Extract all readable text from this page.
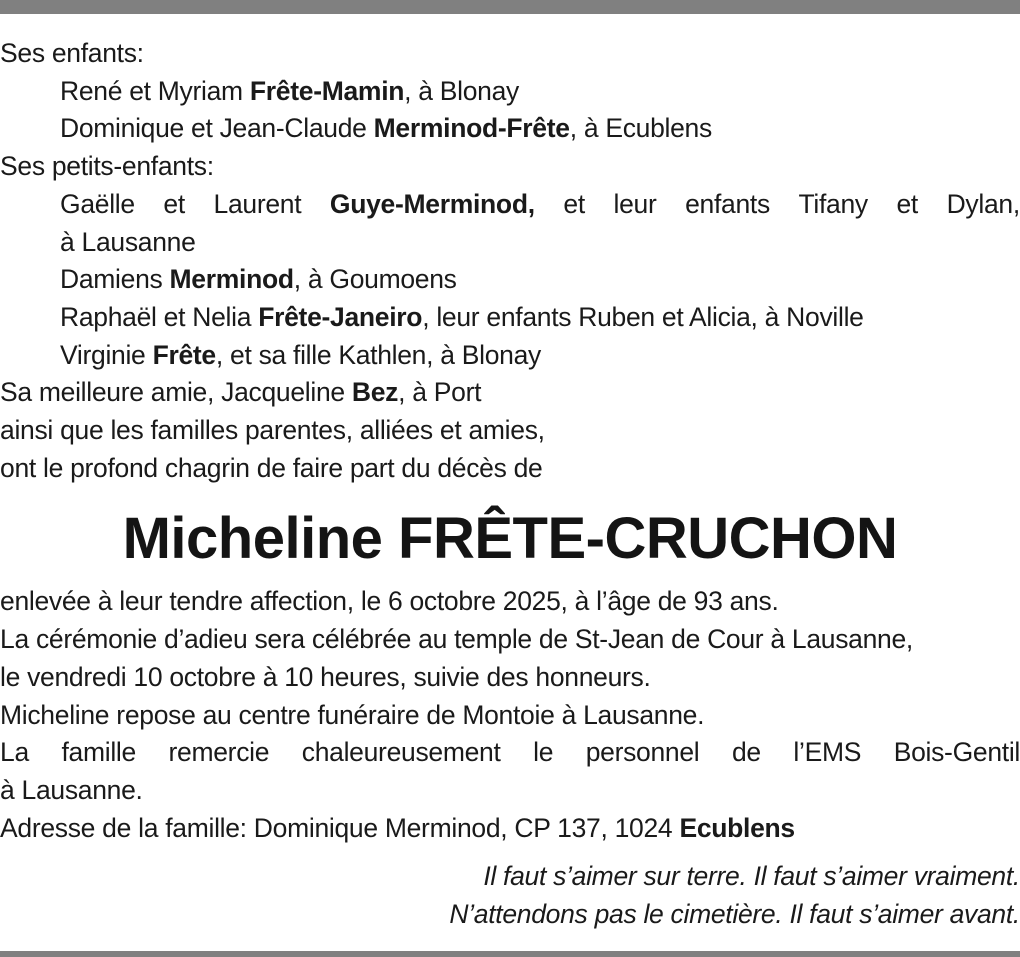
Ses enfants:
René et Myriam Frête-Mamin, à Blonay
Dominique et Jean-Claude Merminod-Frête, à Ecublens
Ses petits-enfants:
Gaëlle et Laurent Guye-Merminod, et leur enfants Tifany et Dylan,
à Lausanne
Damiens Merminod, à Goumoens
Raphaël et Nelia Frête-Janeiro, leur enfants Ruben et Alicia, à Noville
Virginie Frête, et sa fille Kathlen, à Blonay
Sa meilleure amie, Jacqueline Bez, à Port
ainsi que les familles parentes, alliées et amies,
ont le profond chagrin de faire part du décès de
Micheline FRÊTE-CRUCHON
enlevée à leur tendre affection, le 6 octobre 2025, à l’âge de 93 ans.
La cérémonie d’adieu sera célébrée au temple de St-Jean de Cour à Lausanne,
le vendredi 10 octobre à 10 heures, suivie des honneurs.
Micheline repose au centre funéraire de Montoie à Lausanne.
La famille remercie chaleureusement le personnel de l’EMS Bois-Gentil
à Lausanne.
Adresse de la famille: Dominique Merminod, CP 137, 1024 Ecublens
Il faut s’aimer sur terre. Il faut s’aimer vraiment.
N’attendons pas le cimetière. Il faut s’aimer avant.
